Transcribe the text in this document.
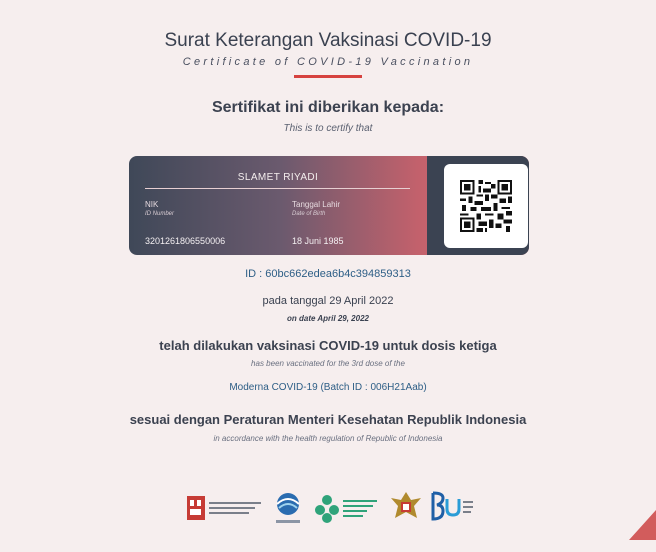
Surat Keterangan Vaksinasi COVID-19

Certificate of COVID-19 Vaccination

Sertifikat ini diberikan kepada:

This is to certify that

SLAMET RIYADI
NIK
ID Number
3201261806550006
Tanggal Lahir
Date of Birth
18 Juni 1985

ID : 60bc662edea6b4c394859313

pada tanggal 29 April 2022

on date April 29, 2022

telah dilakukan vaksinasi COVID-19 untuk dosis ketiga

has been vaccinated for the 3rd dose of the

Moderna COVID-19 (Batch ID : 006H21Aab)

sesuai dengan Peraturan Menteri Kesehatan Republik Indonesia

in accordance with the health regulation of Republic of Indonesia
